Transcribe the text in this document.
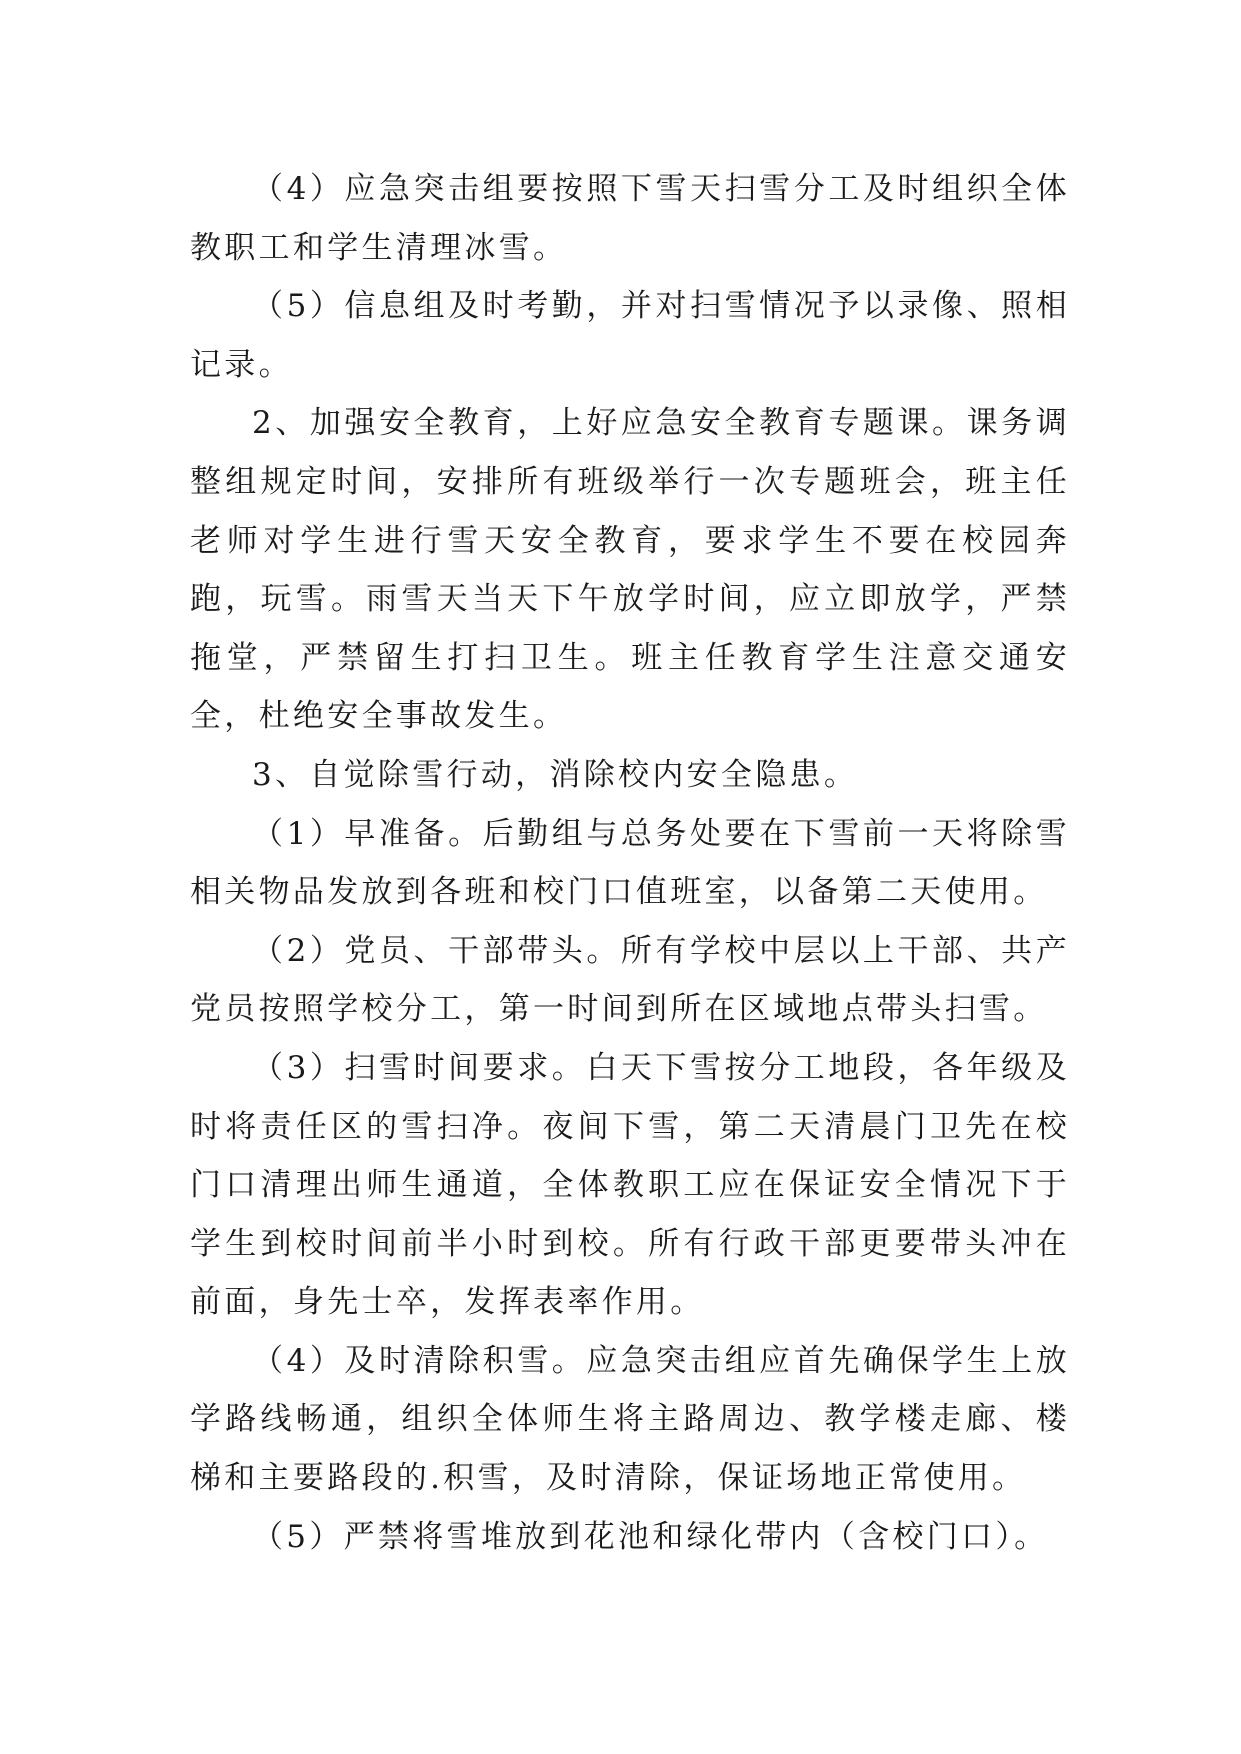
（4）应急突击组要按照下雪天扫雪分工及时组织全体教职工和学生清理冰雪。

（5）信息组及时考勤，并对扫雪情况予以录像、照相记录。

2、加强安全教育，上好应急安全教育专题课。课务调整组规定时间，安排所有班级举行一次专题班会，班主任老师对学生进行雪天安全教育，要求学生不要在校园奔跑，玩雪。雨雪天当天下午放学时间，应立即放学，严禁拖堂，严禁留生打扫卫生。班主任教育学生注意交通安全，杜绝安全事故发生。

3、自觉除雪行动，消除校内安全隐患。

（1）早准备。后勤组与总务处要在下雪前一天将除雪相关物品发放到各班和校门口值班室，以备第二天使用。

（2）党员、干部带头。所有学校中层以上干部、共产党员按照学校分工，第一时间到所在区域地点带头扫雪。

（3）扫雪时间要求。白天下雪按分工地段，各年级及时将责任区的雪扫净。夜间下雪，第二天清晨门卫先在校门口清理出师生通道，全体教职工应在保证安全情况下于学生到校时间前半小时到校。所有行政干部更要带头冲在前面，身先士卒，发挥表率作用。

（4）及时清除积雪。应急突击组应首先确保学生上放学路线畅通，组织全体师生将主路周边、教学楼走廊、楼梯和主要路段的.积雪，及时清除，保证场地正常使用。

（5）严禁将雪堆放到花池和绿化带内（含校门口）。
